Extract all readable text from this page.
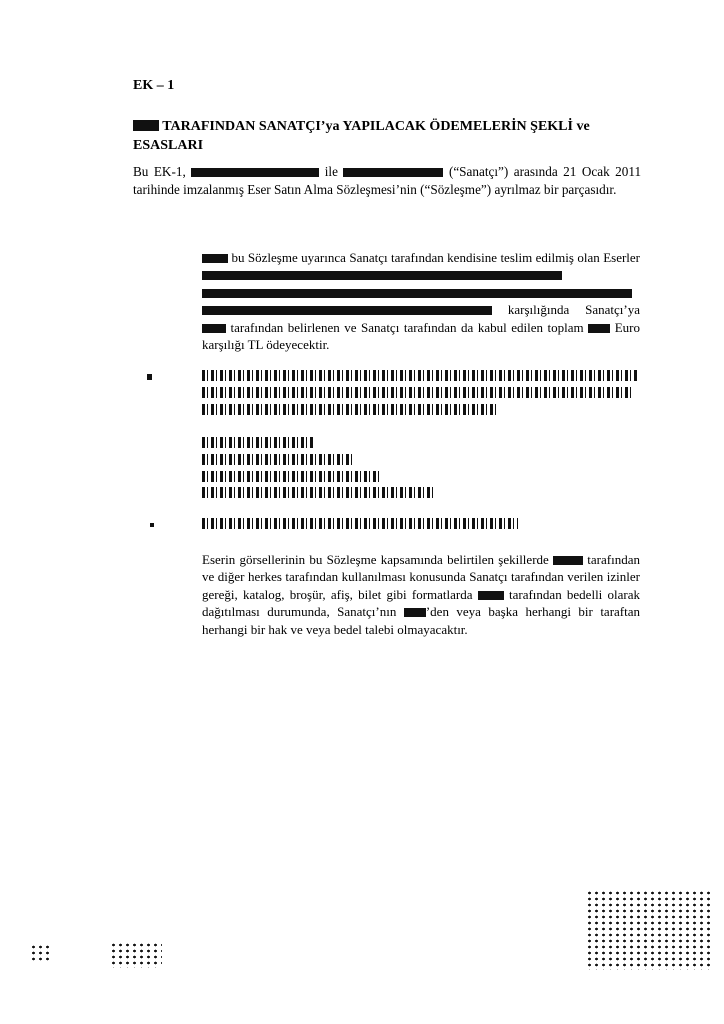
EK – 1
TARAFINDAN SANATÇI’ya YAPILACAK ÖDEMELERİN ŞEKLİ ve ESASLARI
Bu EK-1,	ile	(“Sanatçı”) arasında 21 Ocak 2011 tarihinde imzalanmış Eser Satın Alma Sözleşmesi’nin (“Sözleşme”) ayrılmaz bir parçasıdır.
bu Sözleşme uyarınca Sanatçı tarafından kendisine teslim edilmiş olan Eserler    karşılığında Sanatçı’ya  tarafından belirlenen ve Sanatçı tarafından da kabul edilen toplam Euro karşılığı TL ödeyecektir.
Eserin görsellerinin bu Sözleşme kapsamında belirtilen şekillerde	tarafından ve diğer herkes tarafından kullanılması konusunda Sanatçı tarafından verilen izinler gereği, katalog, broşür, afiş, bilet gibi formatlarda	tarafından bedelli olarak dağıtılması durumunda, Sanatçı’nın ’den veya başka herhangi bir taraftan herhangi bir hak ve veya bedel talebi olmayacaktır.
